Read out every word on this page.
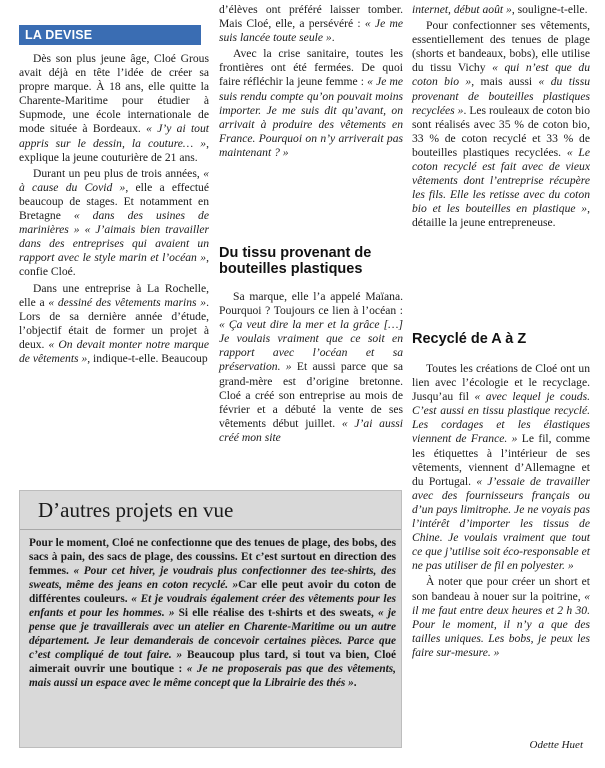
LA DEVISE

Dès son plus jeune âge, Cloé Grous avait déjà en tête l’idée de créer sa propre marque. À 18 ans, elle quitte la Charente-Maritime pour étudier à Supmode, une école internationale de mode située à Bordeaux. « J’y ai tout appris sur le dessin, la couture… », explique la jeune couturière de 21 ans.

Durant un peu plus de trois années, « à cause du Covid », elle a effectué beaucoup de stages. Et notamment en Bretagne « dans des usines de marinières » « J’aimais bien travailler dans des entreprises qui avaient un rapport avec le style marin et l’océan », confie Cloé.

Dans une entreprise à La Rochelle, elle a « dessiné des vêtements marins ». Lors de sa dernière année d’étude, l’objectif était de former un projet à deux. « On devait monter notre marque de vêtements », indique-t-elle. Beaucoup

d’élèves ont préféré laisser tomber. Mais Cloé, elle, a persévéré : « Je me suis lancée toute seule ».

Avec la crise sanitaire, toutes les frontières ont été fermées. De quoi faire réfléchir la jeune femme : « Je me suis rendu compte qu’on pouvait moins importer. Je me suis dit qu’avant, on arrivait à produire des vêtements en France. Pourquoi on n’y arriverait pas maintenant ? »

Du tissu provenant de bouteilles plastiques

Sa marque, elle l’a appelé Maïana. Pourquoi ? Toujours ce lien à l’océan : « Ça veut dire la mer et la grâce […] Je voulais vraiment que ce soit en rapport avec l’océan et sa préservation. » Et aussi parce que sa grand-mère est d’origine bretonne. Cloé a créé son entreprise au mois de février et a débuté la vente de ses vêtements début juillet. « J’ai aussi créé mon site

internet, début août », souligne-t-elle.

Pour confectionner ses vêtements, essentiellement des tenues de plage (shorts et bandeaux, bobs), elle utilise du tissu Vichy « qui n’est que du coton bio », mais aussi « du tissu provenant de bouteilles plastiques recyclées ». Les rouleaux de coton bio sont réalisés avec 35 % de coton bio, 33 % de coton recyclé et 33 % de bouteilles plastiques recyclées. « Le coton recyclé est fait avec de vieux vêtements dont l’entreprise récupère les fils. Elle les retisse avec du coton bio et les bouteilles en plastique », détaille la jeune entrepreneuse.

Recyclé de A à Z

Toutes les créations de Cloé ont un lien avec l’écologie et le recyclage. Jusqu’au fil « avec lequel je couds. C’est aussi en tissu plastique recyclé. Les cordages et les élastiques viennent de France. » Le fil, comme les étiquettes à l’intérieur de ses vêtements, viennent d’Allemagne et du Portugal. « J’essaie de travailler avec des fournisseurs français ou d’un pays limitrophe. Je ne voyais pas l’intérêt d’importer les tissus de Chine. Je voulais vraiment que tout ce que j’utilise soit éco-responsable et ne pas utiliser de fil en polyester. »

À noter que pour créer un short et son bandeau à nouer sur la poitrine, « il me faut entre deux heures et 2 h 30. Pour le moment, il n’y a que des tailles uniques. Les bobs, je peux les faire sur-mesure. »

D’autres projets en vue

Pour le moment, Cloé ne confectionne que des tenues de plage, des bobs, des sacs à pain, des sacs de plage, des coussins. Et c’est surtout en direction des femmes. « Pour cet hiver, je voudrais plus confectionner des tee-shirts, des sweats, même des jeans en coton recyclé. »Car elle peut avoir du coton de différentes couleurs. « Et je voudrais également créer des vêtements pour les enfants et pour les hommes. » Si elle réalise des t-shirts et des sweats, « je pense que je travaillerais avec un atelier en Charente-Maritime ou un autre département. Je leur demanderais de concevoir certaines pièces. Parce que c’est compliqué de tout faire. » Beaucoup plus tard, si tout va bien, Cloé aimerait ouvrir une boutique : « Je ne proposerais pas que des vêtements, mais aussi un espace avec le même concept que la Librairie des thés ».

Odette Huet
